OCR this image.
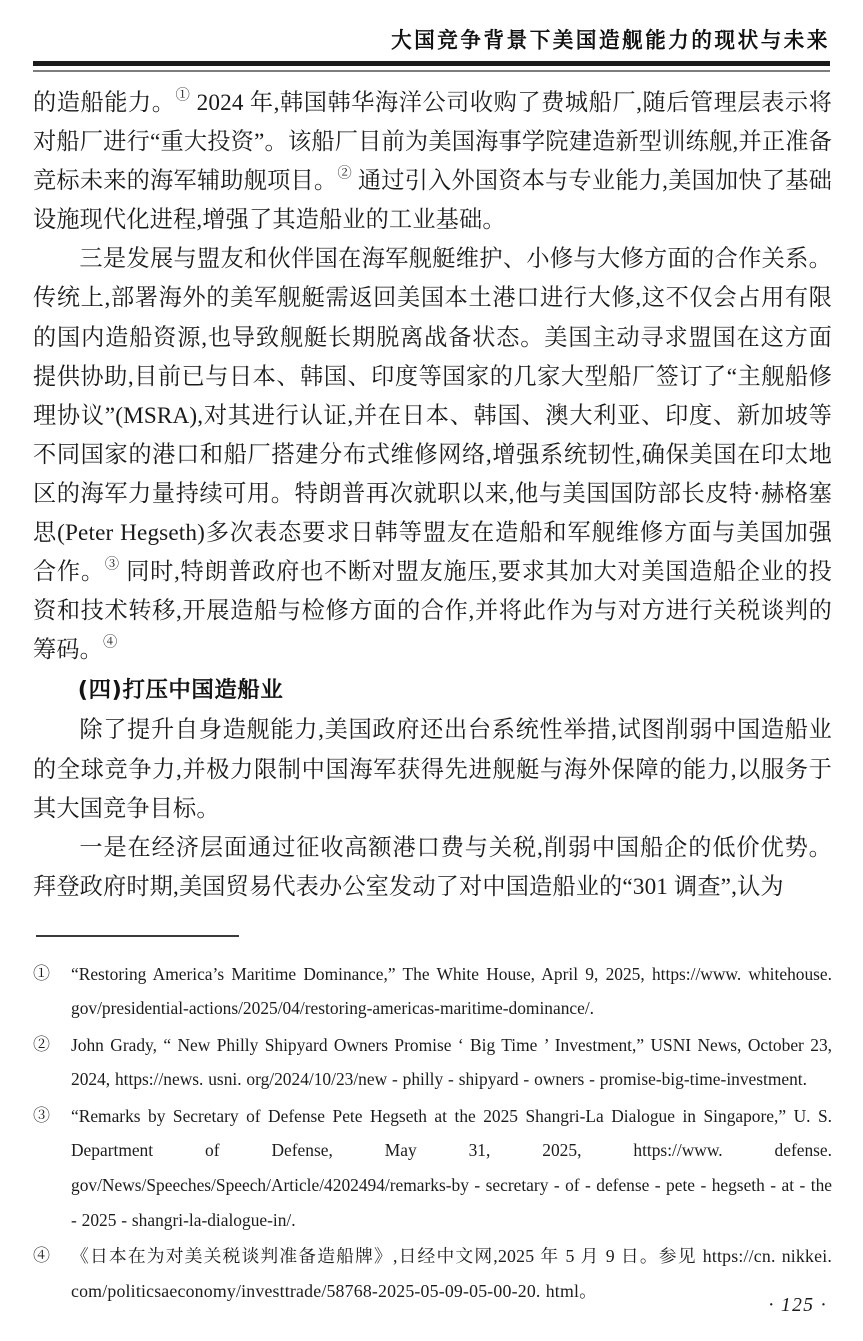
大国竞争背景下美国造舰能力的现状与未来

的造船能力。① 2024 年,韩国韩华海洋公司收购了费城船厂,随后管理层表示将对船厂进行“重大投资”。该船厂目前为美国海事学院建造新型训练舰,并正准备竞标未来的海军辅助舰项目。② 通过引入外国资本与专业能力,美国加快了基础设施现代化进程,增强了其造船业的工业基础。

三是发展与盟友和伙伴国在海军舰艇维护、小修与大修方面的合作关系。传统上,部署海外的美军舰艇需返回美国本土港口进行大修,这不仅会占用有限的国内造船资源,也导致舰艇长期脱离战备状态。美国主动寻求盟国在这方面提供协助,目前已与日本、韩国、印度等国家的几家大型船厂签订了“主舰船修理协议”(MSRA),对其进行认证,并在日本、韩国、澳大利亚、印度、新加坡等不同国家的港口和船厂搭建分布式维修网络,增强系统韧性,确保美国在印太地区的海军力量持续可用。特朗普再次就职以来,他与美国国防部长皮特·赫格塞思(Peter Hegseth)多次表态要求日韩等盟友在造船和军舰维修方面与美国加强合作。③ 同时,特朗普政府也不断对盟友施压,要求其加大对美国造船企业的投资和技术转移,开展造船与检修方面的合作,并将此作为与对方进行关税谈判的筹码。④

(四)打压中国造船业

除了提升自身造舰能力,美国政府还出台系统性举措,试图削弱中国造船业的全球竞争力,并极力限制中国海军获得先进舰艇与海外保障的能力,以服务于其大国竞争目标。

一是在经济层面通过征收高额港口费与关税,削弱中国船企的低价优势。拜登政府时期,美国贸易代表办公室发动了对中国造船业的“301 调查”,认为

①	“Restoring America’s Maritime Dominance,” The White House, April 9, 2025, https://www. whitehouse. gov/presidential-actions/2025/04/restoring-americas-maritime-dominance/.
②	John Grady, “ New Philly Shipyard Owners Promise ‘ Big Time ’ Investment,” USNI News, October 23, 2024, https://news. usni. org/2024/10/23/new - philly - shipyard - owners - promise-big-time-investment.
③	“Remarks by Secretary of Defense Pete Hegseth at the 2025 Shangri-La Dialogue in Singapore,” U. S. Department of Defense, May 31, 2025, https://www. defense. gov/News/Speeches/Speech/Article/4202494/remarks-by - secretary - of - defense - pete - hegseth - at - the - 2025 - shangri-la-dialogue-in/.
④	《日本在为对美关税谈判准备造船牌》,日经中文网,2025 年 5 月 9 日。参见 https://cn. nikkei. com/politicsaeconomy/investtrade/58768-2025-05-09-05-00-20. html。
· 125 ·
